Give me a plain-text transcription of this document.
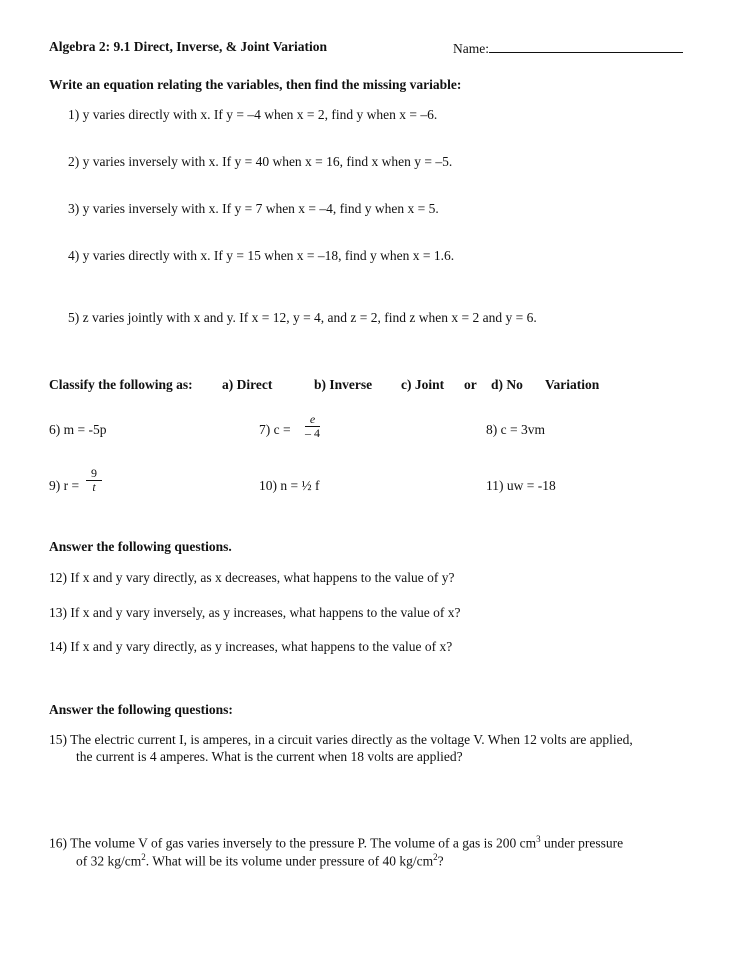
Algebra 2: 9.1 Direct, Inverse, & Joint Variation	Name:
Write an equation relating the variables, then find the missing variable:
1) y varies directly with x. If y = –4 when x = 2, find y when x = –6.
2) y varies inversely with x. If y = 40 when x = 16, find x when y = –5.
3) y varies inversely with x. If y = 7 when x = –4, find y when x = 5.
4) y varies directly with x. If y = 15 when x = –18, find y when x = 1.6.
5) z varies jointly with x and y. If x = 12, y = 4, and z = 2, find z when x = 2 and y = 6.
Classify the following as: a) Direct	b) Inverse c) Joint or d) No Variation
6) m = -5p	7) $c = \frac{e}{- 4}$	8) c = 3vm
9) $r = \frac{9}{t}$	10) n = ½ f	11) uw = -18
Answer the following questions.
12) If x and y vary directly, as x decreases, what happens to the value of y?
13) If x and y vary inversely, as y increases, what happens to the value of x?
14) If x and y vary directly, as y increases, what happens to the value of x?
Answer the following questions:
15) The electric current I, is amperes, in a circuit varies directly as the voltage V. When 12 volts are applied,
the current is 4 amperes. What is the current when 18 volts are applied?
16) The volume V of gas varies inversely to the pressure P. The volume of a gas is 200 $cm^3$ under pressure
of 32 $kg/cm^2$. What will be its volume under pressure of 40 $kg/cm^2$?
